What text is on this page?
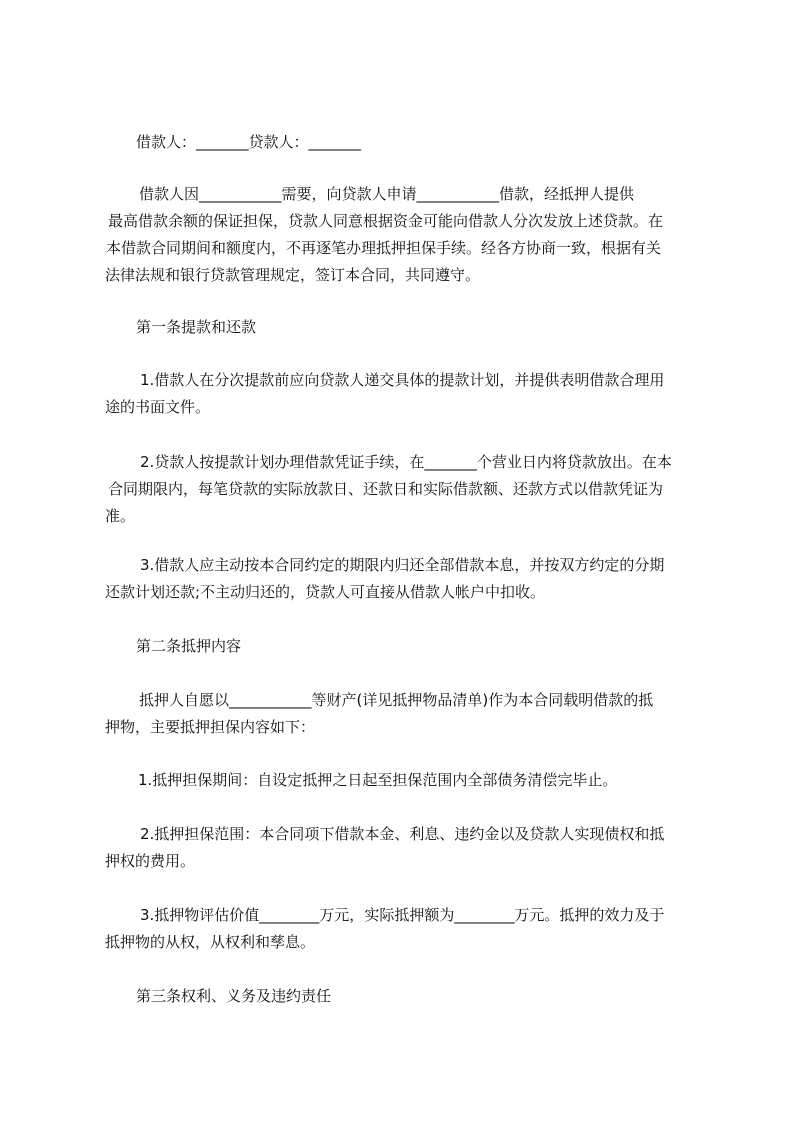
借款人：_______贷款人：_______
借款人因___________需要，向贷款人申请___________借款，经抵押人提供
最高借款余额的保证担保，贷款人同意根据资金可能向借款人分次发放上述贷款。在
本借款合同期间和额度内，不再逐笔办理抵押担保手续。经各方协商一致，根据有关
法律法规和银行贷款管理规定，签订本合同，共同遵守。
第一条提款和还款
1.借款人在分次提款前应向贷款人递交具体的提款计划，并提供表明借款合理用
途的书面文件。
2.贷款人按提款计划办理借款凭证手续，在_______个营业日内将贷款放出。在本
合同期限内，每笔贷款的实际放款日、还款日和实际借款额、还款方式以借款凭证为
准。
3.借款人应主动按本合同约定的期限内归还全部借款本息，并按双方约定的分期
还款计划还款;不主动归还的，贷款人可直接从借款人帐户中扣收。
第二条抵押内容
抵押人自愿以___________等财产(详见抵押物品清单)作为本合同载明借款的抵
押物，主要抵押担保内容如下：
1.抵押担保期间：自设定抵押之日起至担保范围内全部债务清偿完毕止。
2.抵押担保范围：本合同项下借款本金、利息、违约金以及贷款人实现债权和抵
押权的费用。
3.抵押物评估价值________万元，实际抵押额为________万元。抵押的效力及于
抵押物的从权，从权利和孳息。
第三条权利、义务及违约责任
